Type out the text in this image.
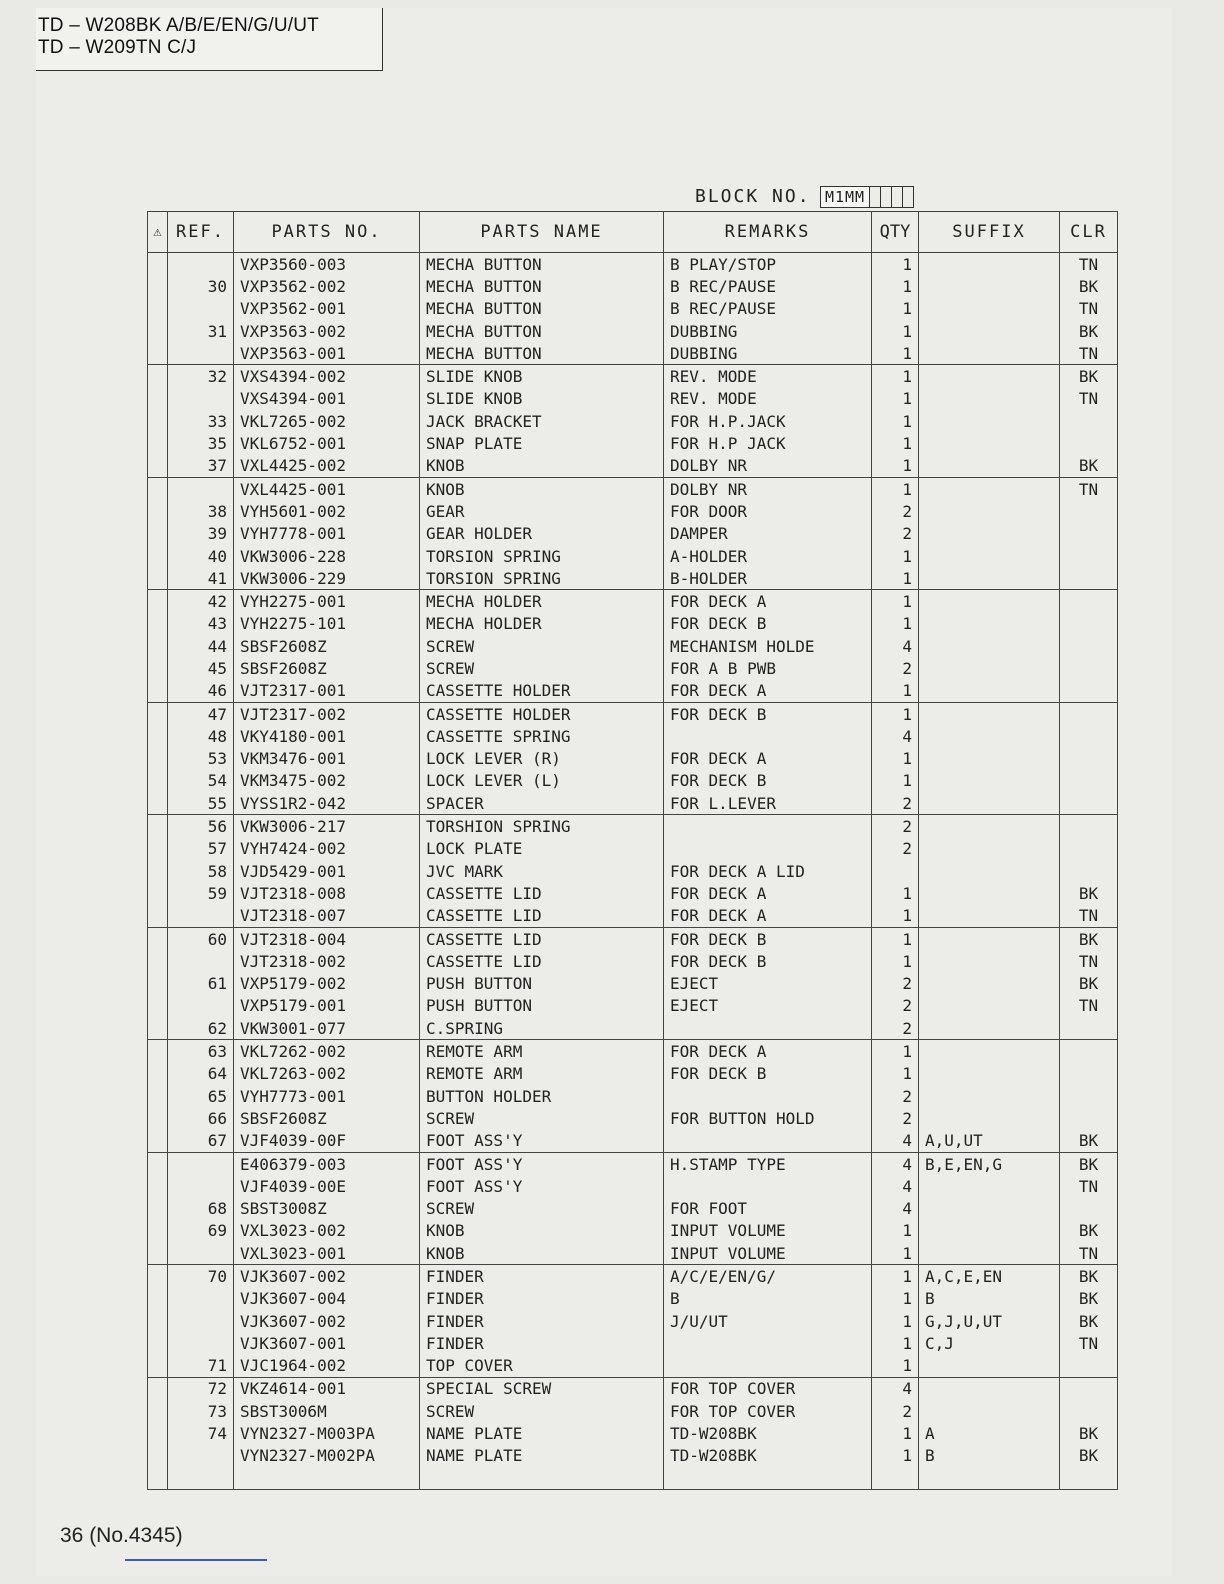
TD – W208BK A/B/E/EN/G/U/UT
TD – W209TN C/J
BLOCK NO. M1MM
⚠	REF.	PARTS NO.	PARTS NAME	REMARKS	QTY	SUFFIX	CLR
		VXP3560-003	MECHA BUTTON	B PLAY/STOP	1		TN
	30	VXP3562-002	MECHA BUTTON	B REC/PAUSE	1		BK
		VXP3562-001	MECHA BUTTON	B REC/PAUSE	1		TN
	31	VXP3563-002	MECHA BUTTON	DUBBING	1		BK
		VXP3563-001	MECHA BUTTON	DUBBING	1		TN
	32	VXS4394-002	SLIDE KNOB	REV. MODE	1		BK
		VXS4394-001	SLIDE KNOB	REV. MODE	1		TN
	33	VKL7265-002	JACK BRACKET	FOR H.P.JACK	1		
	35	VKL6752-001	SNAP PLATE	FOR H.P JACK	1		
	37	VXL4425-002	KNOB	DOLBY NR	1		BK
		VXL4425-001	KNOB	DOLBY NR	1		TN
	38	VYH5601-002	GEAR	FOR DOOR	2		
	39	VYH7778-001	GEAR HOLDER	DAMPER	2		
	40	VKW3006-228	TORSION SPRING	A-HOLDER	1		
	41	VKW3006-229	TORSION SPRING	B-HOLDER	1		
	42	VYH2275-001	MECHA HOLDER	FOR DECK A	1		
	43	VYH2275-101	MECHA HOLDER	FOR DECK B	1		
	44	SBSF2608Z	SCREW	MECHANISM HOLDE	4		
	45	SBSF2608Z	SCREW	FOR A B PWB	2		
	46	VJT2317-001	CASSETTE HOLDER	FOR DECK A	1		
	47	VJT2317-002	CASSETTE HOLDER	FOR DECK B	1		
	48	VKY4180-001	CASSETTE SPRING		4		
	53	VKM3476-001	LOCK LEVER (R)	FOR DECK A	1		
	54	VKM3475-002	LOCK LEVER (L)	FOR DECK B	1		
	55	VYSS1R2-042	SPACER	FOR L.LEVER	2		
	56	VKW3006-217	TORSHION SPRING		2		
	57	VYH7424-002	LOCK PLATE		2		
	58	VJD5429-001	JVC MARK	FOR DECK A LID			
	59	VJT2318-008	CASSETTE LID	FOR DECK A	1		BK
		VJT2318-007	CASSETTE LID	FOR DECK A	1		TN
	60	VJT2318-004	CASSETTE LID	FOR DECK B	1		BK
		VJT2318-002	CASSETTE LID	FOR DECK B	1		TN
	61	VXP5179-002	PUSH BUTTON	EJECT	2		BK
		VXP5179-001	PUSH BUTTON	EJECT	2		TN
	62	VKW3001-077	C.SPRING		2		
	63	VKL7262-002	REMOTE ARM	FOR DECK A	1		
	64	VKL7263-002	REMOTE ARM	FOR DECK B	1		
	65	VYH7773-001	BUTTON HOLDER		2		
	66	SBSF2608Z	SCREW	FOR BUTTON HOLD	2		
	67	VJF4039-00F	FOOT ASS'Y		4	A,U,UT	BK
		E406379-003	FOOT ASS'Y	H.STAMP TYPE	4	B,E,EN,G	BK
		VJF4039-00E	FOOT ASS'Y		4		TN
	68	SBST3008Z	SCREW	FOR FOOT	4		
	69	VXL3023-002	KNOB	INPUT VOLUME	1		BK
		VXL3023-001	KNOB	INPUT VOLUME	1		TN
	70	VJK3607-002	FINDER	A/C/E/EN/G/	1	A,C,E,EN	BK
		VJK3607-004	FINDER	B	1	B	BK
		VJK3607-002	FINDER	J/U/UT	1	G,J,U,UT	BK
		VJK3607-001	FINDER		1	C,J	TN
	71	VJC1964-002	TOP COVER		1		
	72	VKZ4614-001	SPECIAL SCREW	FOR TOP COVER	4		
	73	SBST3006M	SCREW	FOR TOP COVER	2		
	74	VYN2327-M003PA	NAME PLATE	TD-W208BK	1	A	BK
		VYN2327-M002PA	NAME PLATE	TD-W208BK	1	B	BK

36 (No.4345)
